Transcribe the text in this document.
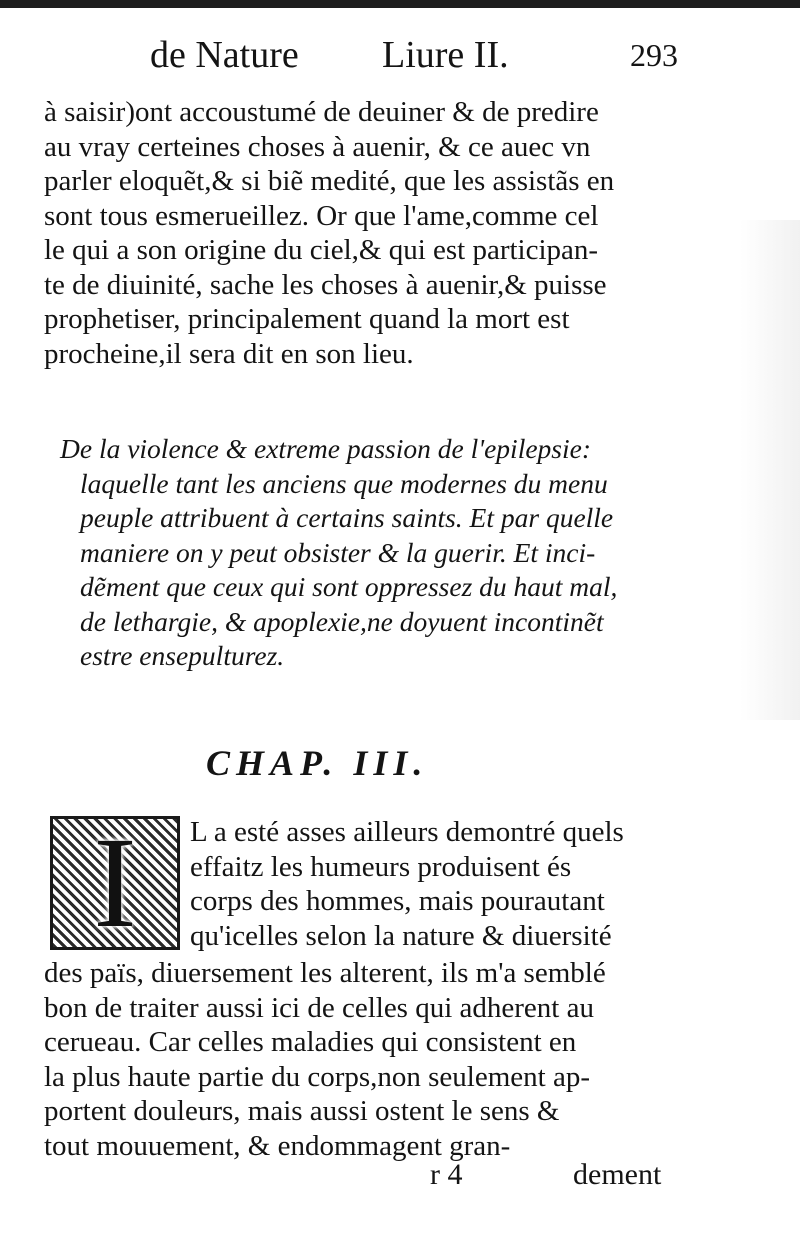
de Nature Liure II.	293
à saisir)ont accoustumé de deuiner & de predire
au vray certeines choses à auenir, & ce auec vn
parler eloquẽt,& si biẽ medité, que les assistãs en
sont tous esmerueillez. Or que l'ame,comme cel
le qui a son origine du ciel,& qui est participan-
te de diuinité, sache les choses à auenir,& puisse
prophetiser, principalement quand la mort est
procheine,il sera dit en son lieu.
De la violence & extreme passion de l'epilepsie:
laquelle tant les anciens que modernes du menu
peuple attribuent à certains saints. Et par quelle
maniere on y peut obsister & la guerir. Et inci-
dẽment que ceux qui sont oppressez du haut mal,
de lethargie, & apoplexie,ne doyuent incontinẽt
estre ensepulturez.
CHAP. III.
I	L a esté asses ailleurs demontré quels
effaitz les humeurs produisent és
corps des hommes, mais pourautant
qu'icelles selon la nature & diuersité
des païs, diuersement les alterent, ils m'a semblé
bon de traiter aussi ici de celles qui adherent au
cerueau. Car celles maladies qui consistent en
la plus haute partie du corps,non seulement ap-
portent douleurs, mais aussi ostent le sens &
tout mouuement, & endommagent gran-
r 4	dement
